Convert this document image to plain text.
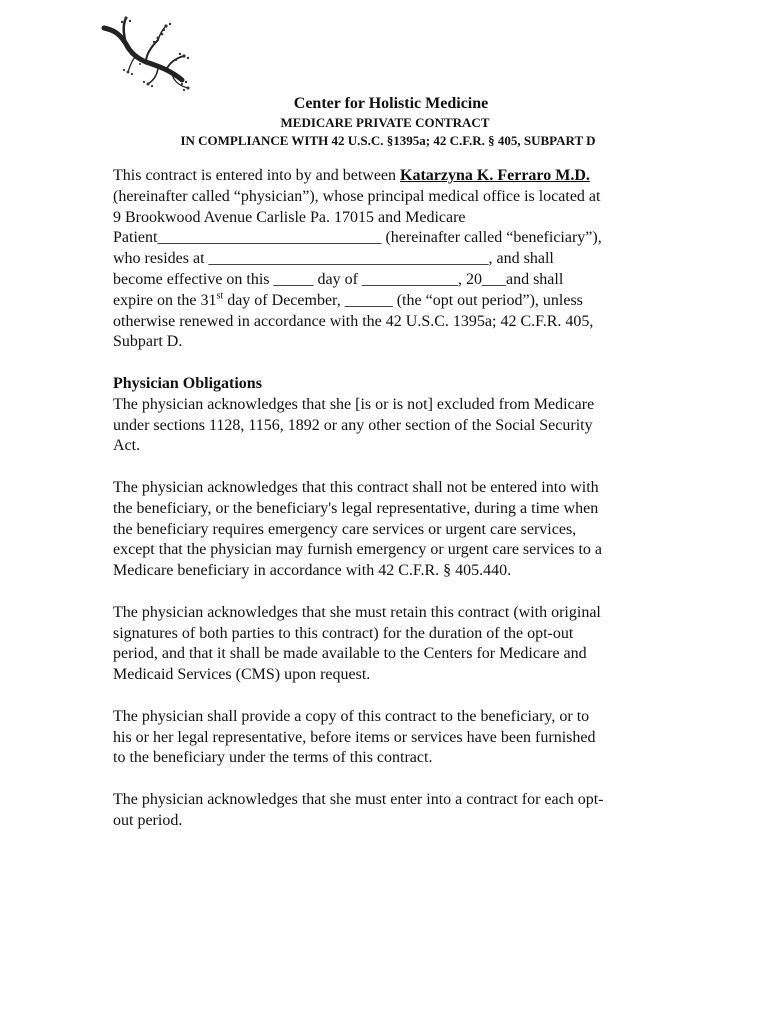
Center for Holistic Medicine
MEDICARE PRIVATE CONTRACT
IN COMPLIANCE WITH 42 U.S.C. §1395a; 42 C.F.R. § 405, SUBPART D
This contract is entered into by and between Katarzyna K. Ferraro M.D.
(hereinafter called “physician”), whose principal medical office is located at
9 Brookwood Avenue Carlisle Pa. 17015 and Medicare
Patient____________________________ (hereinafter called “beneficiary”),
who resides at ___________________________________, and shall
become effective on this _____ day of ____________, 20___and shall
expire on the 31st day of December, ______ (the “opt out period”), unless
otherwise renewed in accordance with the 42 U.S.C. 1395a; 42 C.F.R. 405,
Subpart D.
Physician Obligations
The physician acknowledges that she [is or is not] excluded from Medicare
under sections 1128, 1156, 1892 or any other section of the Social Security
Act.
The physician acknowledges that this contract shall not be entered into with
the beneficiary, or the beneficiary's legal representative, during a time when
the beneficiary requires emergency care services or urgent care services,
except that the physician may furnish emergency or urgent care services to a
Medicare beneficiary in accordance with 42 C.F.R. § 405.440.
The physician acknowledges that she must retain this contract (with original
signatures of both parties to this contract) for the duration of the opt-out
period, and that it shall be made available to the Centers for Medicare and
Medicaid Services (CMS) upon request.
The physician shall provide a copy of this contract to the beneficiary, or to
his or her legal representative, before items or services have been furnished
to the beneficiary under the terms of this contract.
The physician acknowledges that she must enter into a contract for each opt-
out period.
